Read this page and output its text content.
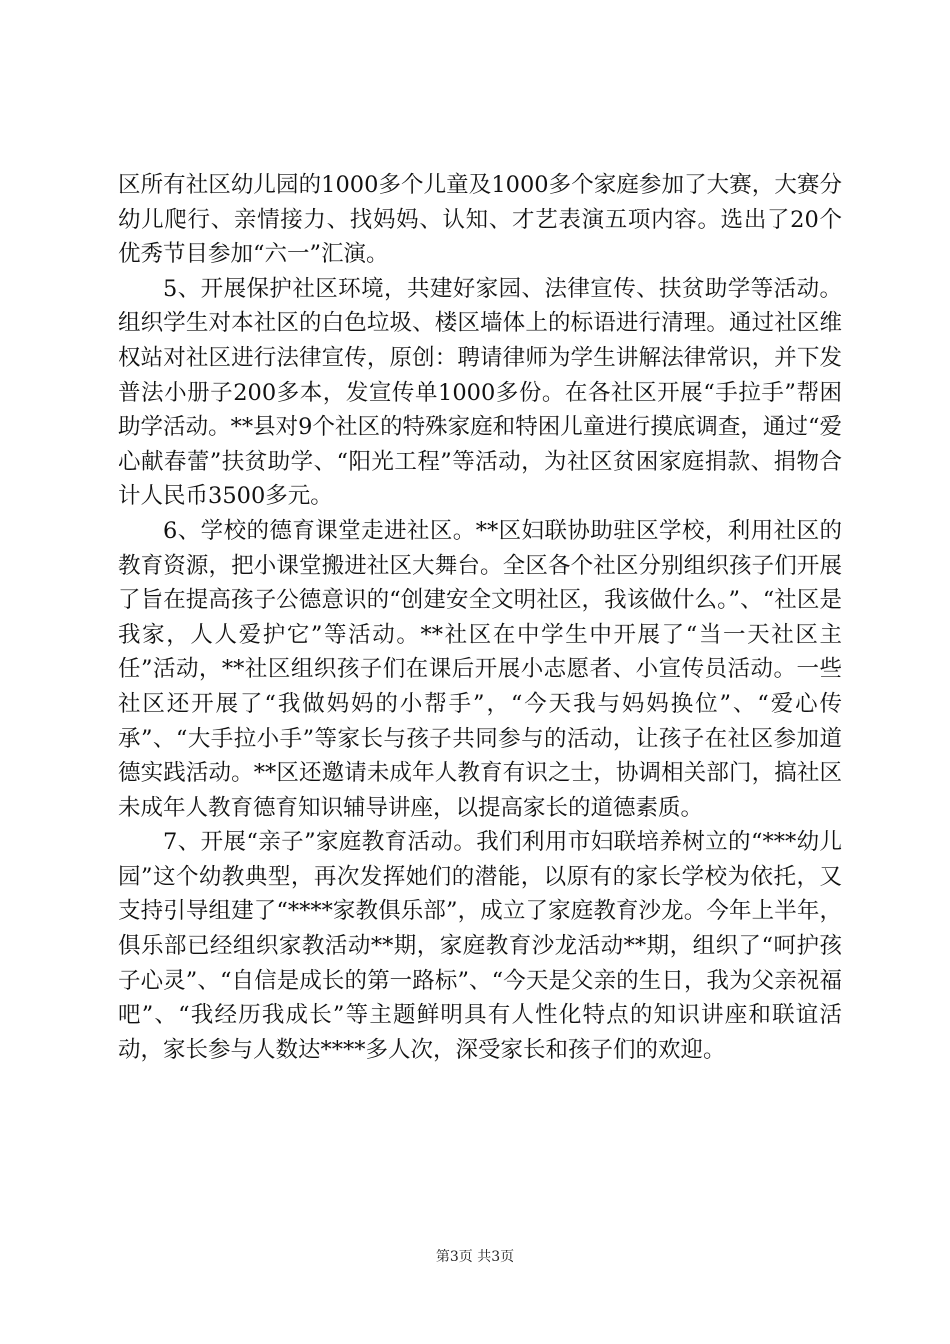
区所有社区幼儿园的1000多个儿童及1000多个家庭参加了大赛，大赛分幼儿爬行、亲情接力、找妈妈、认知、才艺表演五项内容。选出了20个优秀节目参加“六一”汇演。

5、开展保护社区环境，共建好家园、法律宣传、扶贫助学等活动。组织学生对本社区的白色垃圾、楼区墙体上的标语进行清理。通过社区维权站对社区进行法律宣传，原创：聘请律师为学生讲解法律常识，并下发普法小册子200多本，发宣传单1000多份。在各社区开展“手拉手”帮困助学活动。**县对9个社区的特殊家庭和特困儿童进行摸底调查，通过“爱心献春蕾”扶贫助学、“阳光工程”等活动，为社区贫困家庭捐款、捐物合计人民币3500多元。

6、学校的德育课堂走进社区。**区妇联协助驻区学校，利用社区的教育资源，把小课堂搬进社区大舞台。全区各个社区分别组织孩子们开展了旨在提高孩子公德意识的“创建安全文明社区，我该做什么。”、“社区是我家，人人爱护它”等活动。**社区在中学生中开展了“当一天社区主任”活动，**社区组织孩子们在课后开展小志愿者、小宣传员活动。一些社区还开展了“我做妈妈的小帮手”，“今天我与妈妈换位”、“爱心传承”、“大手拉小手”等家长与孩子共同参与的活动，让孩子在社区参加道德实践活动。**区还邀请未成年人教育有识之士，协调相关部门，搞社区未成年人教育德育知识辅导讲座，以提高家长的道德素质。

7、开展“亲子”家庭教育活动。我们利用市妇联培养树立的“***幼儿园”这个幼教典型，再次发挥她们的潜能，以原有的家长学校为依托，又支持引导组建了“****家教俱乐部”，成立了家庭教育沙龙。今年上半年，俱乐部已经组织家教活动**期，家庭教育沙龙活动**期，组织了“呵护孩子心灵”、“自信是成长的第一路标”、“今天是父亲的生日，我为父亲祝福吧”、“我经历我成长”等主题鲜明具有人性化特点的知识讲座和联谊活动，家长参与人数达****多人次，深受家长和孩子们的欢迎。

第3页 共3页
